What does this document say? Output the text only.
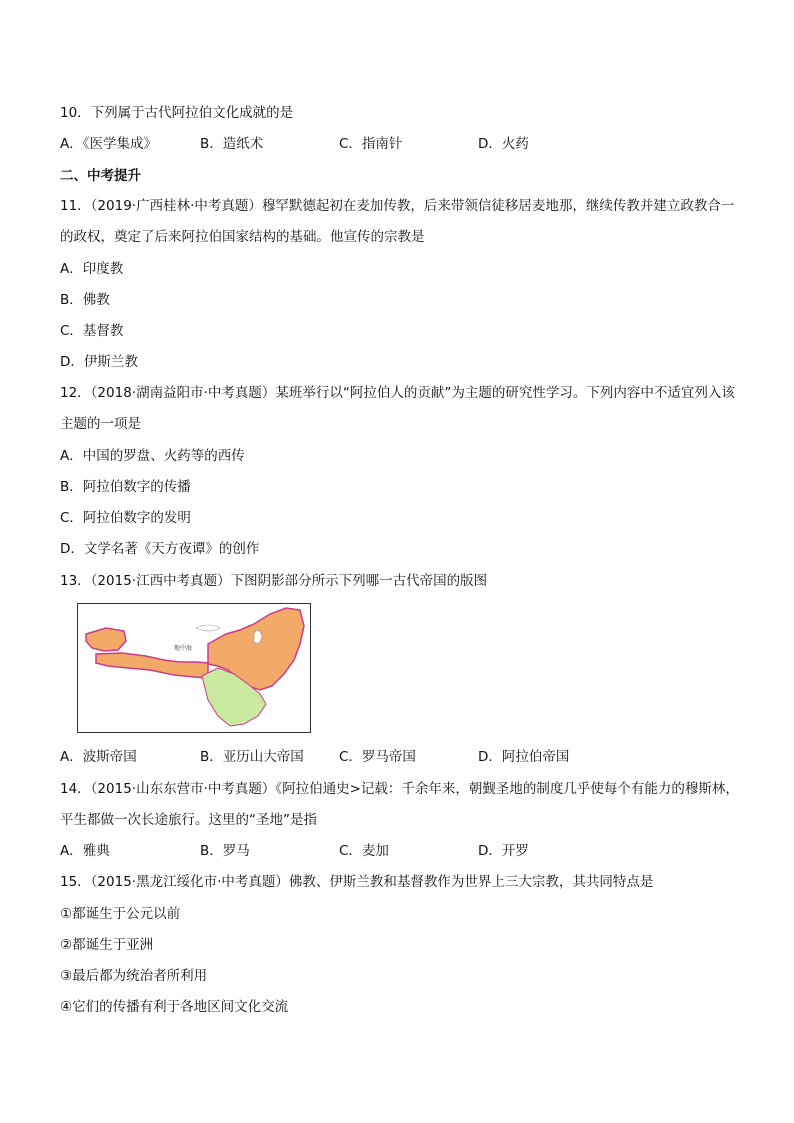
10．下列属于古代阿拉伯文化成就的是
A．《医学集成》	B．造纸术	C．指南针	D．火药
二、中考提升
11．（2019·广西桂林·中考真题）穆罕默德起初在麦加传教，后来带领信徒移居麦地那，继续传教并建立政教合一的政权，奠定了后来阿拉伯国家结构的基础。他宣传的宗教是
A．印度教
B．佛教
C．基督教
D．伊斯兰教
12．（2018·湖南益阳市·中考真题）某班举行以“阿拉伯人的贡献”为主题的研究性学习。下列内容中不适宜列入该主题的一项是
A．中国的罗盘、火药等的西传
B．阿拉伯数字的传播
C．阿拉伯数字的发明
D．文学名著《天方夜谭》的创作
13．（2015·江西中考真题）下图阴影部分所示下列哪一古代帝国的版图
地中海
A．波斯帝国	B．亚历山大帝国	C．罗马帝国	D．阿拉伯帝国
14．（2015·山东东营市·中考真题）《阿拉伯通史>记载：千余年来，朝觐圣地的制度几乎使每个有能力的穆斯林，平生都做一次长途旅行。这里的“圣地”是指
A．雅典	B．罗马	C．麦加	D．开罗
15．（2015·黑龙江绥化市·中考真题）佛教、伊斯兰教和基督教作为世界上三大宗教，其共同特点是
①都诞生于公元以前
②都诞生于亚洲
③最后都为统治者所利用
④它们的传播有利于各地区间文化交流
